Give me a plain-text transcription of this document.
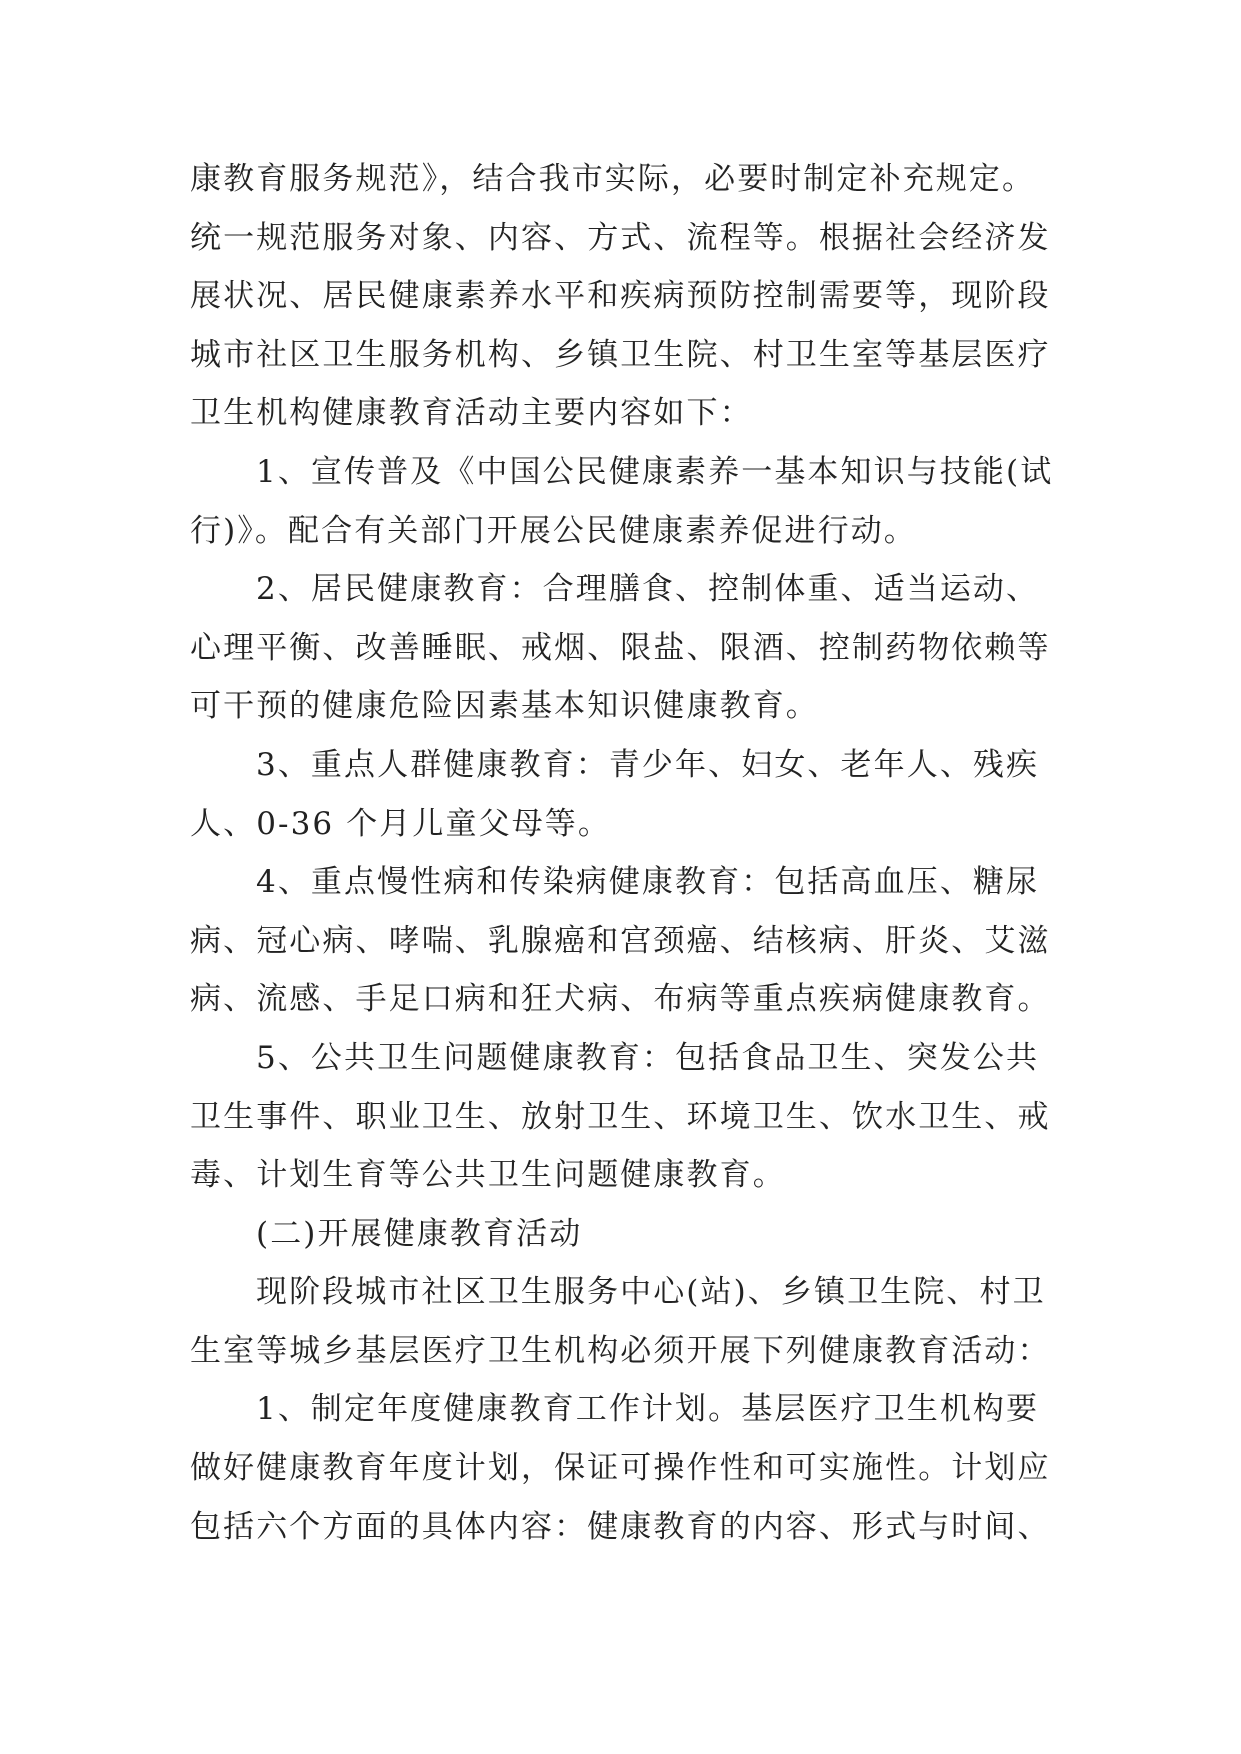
康教育服务规范》，结合我市实际，必要时制定补充规定。
统一规范服务对象、内容、方式、流程等。根据社会经济发
展状况、居民健康素养水平和疾病预防控制需要等，现阶段
城市社区卫生服务机构、乡镇卫生院、村卫生室等基层医疗
卫生机构健康教育活动主要内容如下：
1、宣传普及《中国公民健康素养一基本知识与技能(试
行)》。配合有关部门开展公民健康素养促进行动。
2、居民健康教育：合理膳食、控制体重、适当运动、
心理平衡、改善睡眠、戒烟、限盐、限酒、控制药物依赖等
可干预的健康危险因素基本知识健康教育。
3、重点人群健康教育：青少年、妇女、老年人、残疾
人、0-36 个月儿童父母等。
4、重点慢性病和传染病健康教育：包括高血压、糖尿
病、冠心病、哮喘、乳腺癌和宫颈癌、结核病、肝炎、艾滋
病、流感、手足口病和狂犬病、布病等重点疾病健康教育。
5、公共卫生问题健康教育：包括食品卫生、突发公共
卫生事件、职业卫生、放射卫生、环境卫生、饮水卫生、戒
毒、计划生育等公共卫生问题健康教育。
(二)开展健康教育活动
现阶段城市社区卫生服务中心(站)、乡镇卫生院、村卫
生室等城乡基层医疗卫生机构必须开展下列健康教育活动：
1、制定年度健康教育工作计划。基层医疗卫生机构要
做好健康教育年度计划，保证可操作性和可实施性。计划应
包括六个方面的具体内容：健康教育的内容、形式与时间、
